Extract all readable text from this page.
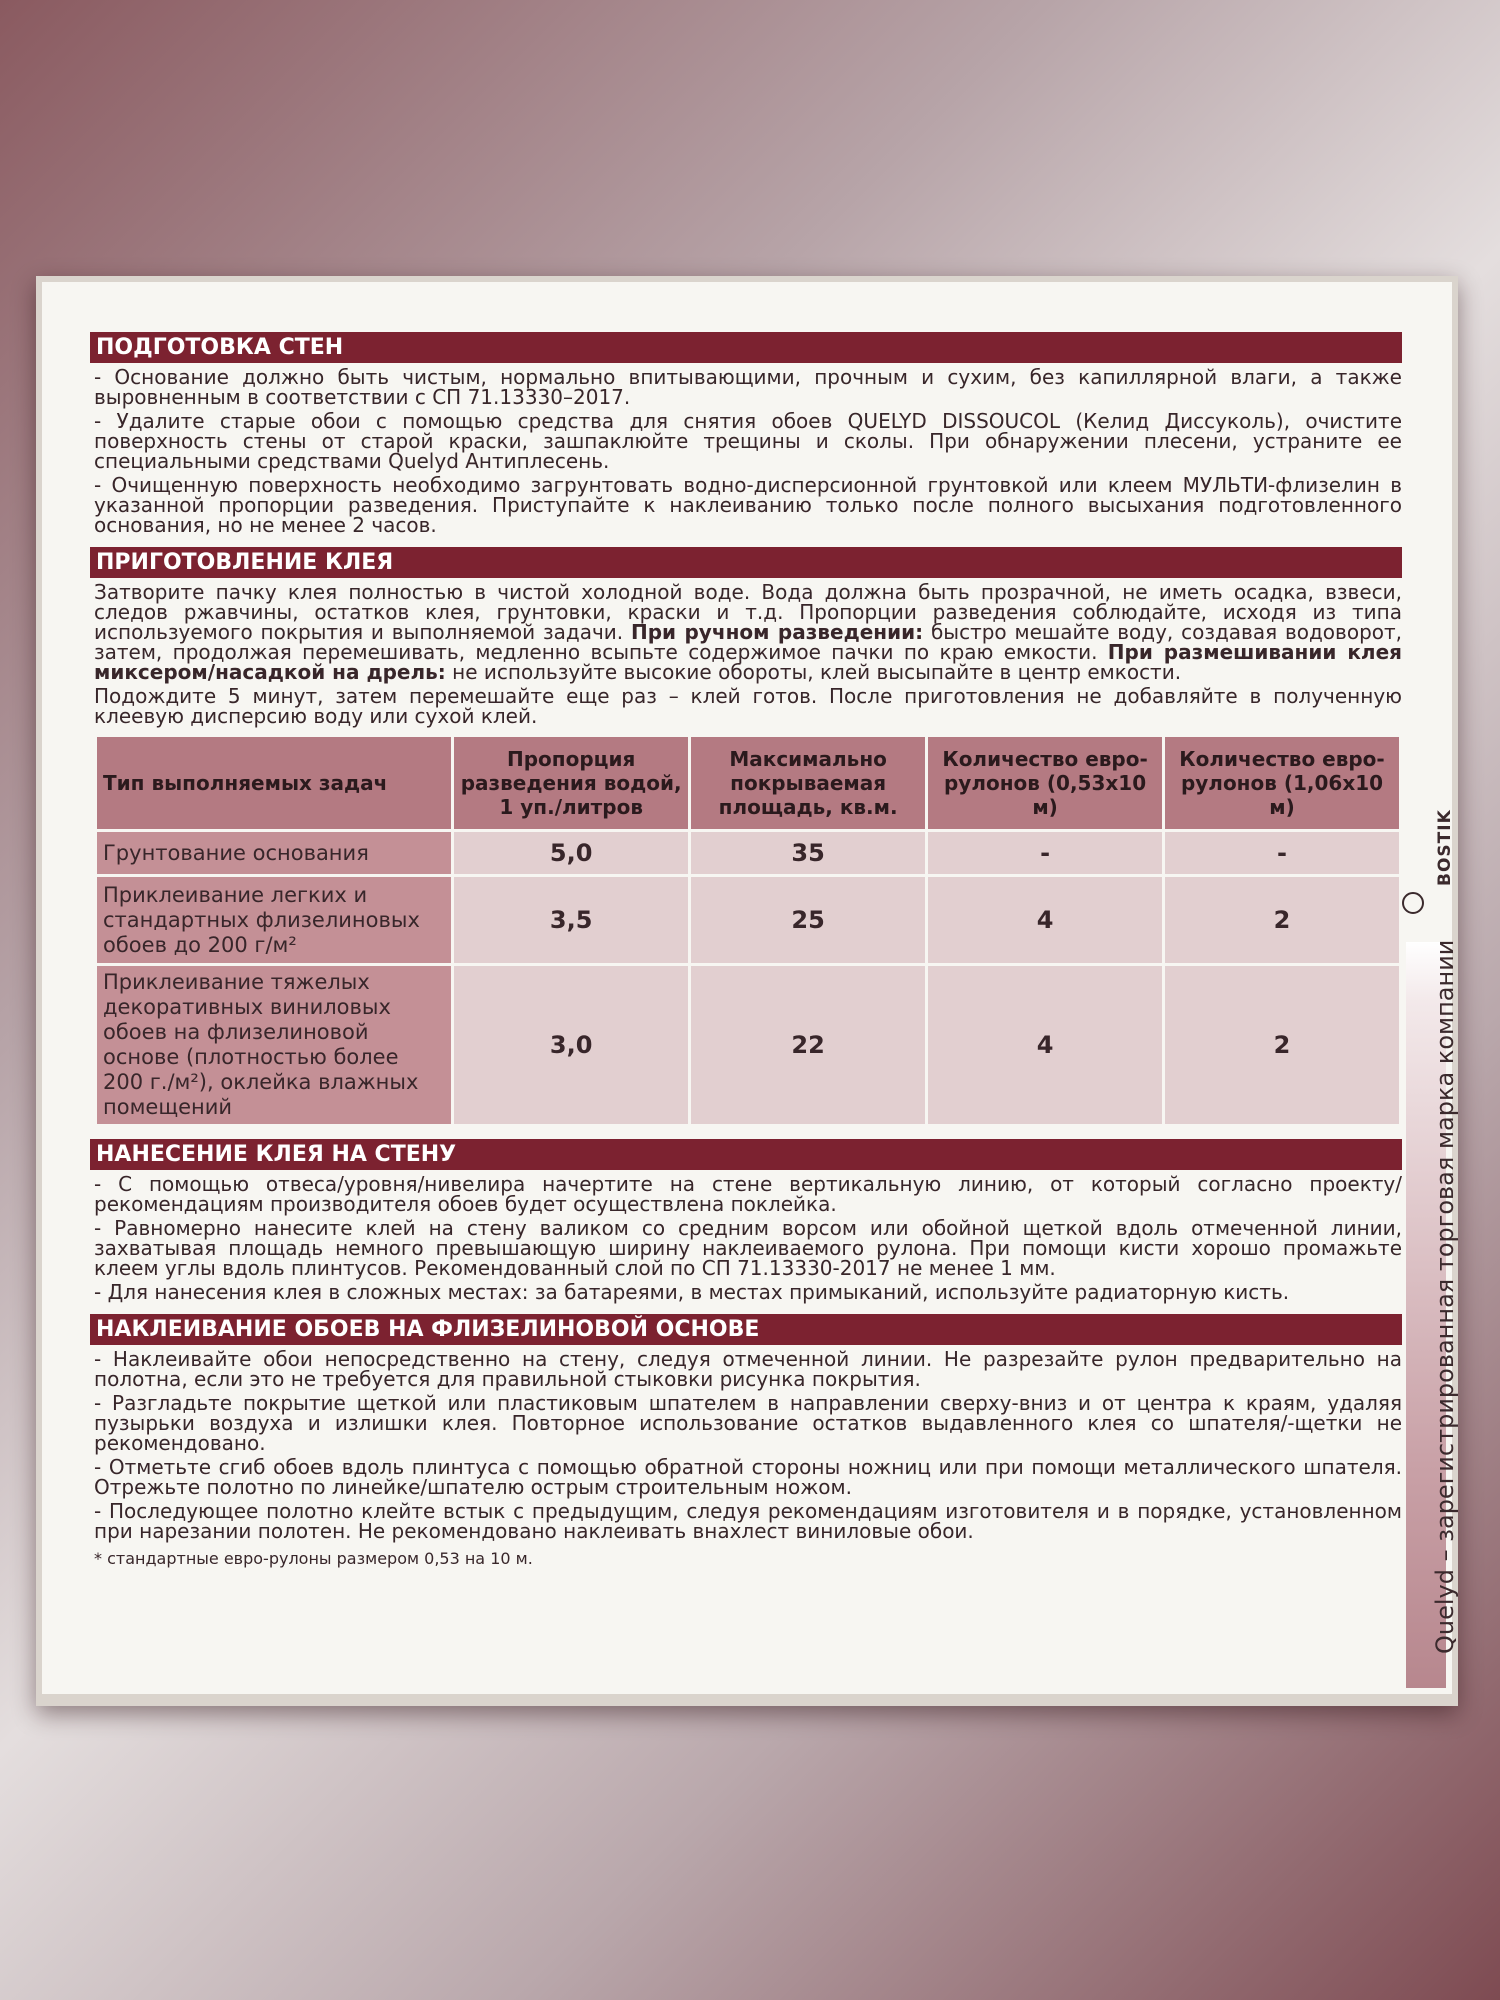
ПОДГОТОВКА СТЕН

- Основание должно быть чистым, нормально впитывающими, прочным и сухим, без капиллярной влаги, а также выровненным в соответствии с СП 71.13330–2017.

- Удалите старые обои с помощью средства для снятия обоев QUELYD DISSOUCOL (Келид Диссуколь), очистите поверхность стены от старой краски, зашпаклюйте трещины и сколы. При обнаружении плесени, устраните ее специальными средствами Quelyd Антиплесень.

- Очищенную поверхность необходимо загрунтовать водно-дисперсионной грунтовкой или клеем МУЛЬТИ-флизелин в указанной пропорции разведения. Приступайте к наклеиванию только после полного высыхания подготовленного основания, но не менее 2 часов.

ПРИГОТОВЛЕНИЕ КЛЕЯ

Затворите пачку клея полностью в чистой холодной воде. Вода должна быть прозрачной, не иметь осадка, взвеси, следов ржавчины, остатков клея, грунтовки, краски и т.д. Пропорции разведения соблюдайте, исходя из типа используемого покрытия и выполняемой задачи. При ручном разведении: быстро мешайте воду, создавая водоворот, затем, продолжая перемешивать, медленно всыпьте содержимое пачки по краю емкости. При размешивании клея миксером/насадкой на дрель: не используйте высокие обороты, клей высыпайте в центр емкости.

Подождите 5 минут, затем перемешайте еще раз – клей готов. После приготовления не добавляйте в полученную клеевую дисперсию воду или сухой клей.

Тип выполняемых задач	Пропорция разведения водой, 1 уп./литров	Максимально покрываемая площадь, кв.м.	Количество евро-рулонов (0,53х10 м)	Количество евро-рулонов (1,06х10 м)
Грунтование основания	5,0	35	-	-
Приклеивание легких и стандартных флизелиновых обоев до 200 г/м²	3,5	25	4	2
Приклеивание тяжелых декоративных виниловых обоев на флизелиновой основе (плотностью более 200 г./м²), оклейка влажных помещений	3,0	22	4	2
НАНЕСЕНИЕ КЛЕЯ НА СТЕНУ

- С помощью отвеса/уровня/нивелира начертите на стене вертикальную линию, от который согласно проекту/рекомендациям производителя обоев будет осуществлена поклейка.

- Равномерно нанесите клей на стену валиком со средним ворсом или обойной щеткой вдоль отмеченной линии, захватывая площадь немного превышающую ширину наклеиваемого рулона. При помощи кисти хорошо промажьте клеем углы вдоль плинтусов. Рекомендованный слой по СП 71.13330-2017 не менее 1 мм.

- Для нанесения клея в сложных местах: за батареями, в местах примыканий, используйте радиаторную кисть.

НАКЛЕИВАНИЕ ОБОЕВ НА ФЛИЗЕЛИНОВОЙ ОСНОВЕ

- Наклеивайте обои непосредственно на стену, следуя отмеченной линии. Не разрезайте рулон предварительно на полотна, если это не требуется для правильной стыковки рисунка покрытия.

- Разгладьте покрытие щеткой или пластиковым шпателем в направлении сверху-вниз и от центра к краям, удаляя пузырьки воздуха и излишки клея. Повторное использование остатков выдавленного клея со шпателя/-щетки не рекомендовано.

- Отметьте сгиб обоев вдоль плинтуса с помощью обратной стороны ножниц или при помощи металлического шпателя. Отрежьте полотно по линейке/шпателю острым строительным ножом.

- Последующее полотно клейте встык с предыдущим, следуя рекомендациям изготовителя и в порядке, установленном при нарезании полотен. Не рекомендовано наклеивать внахлест виниловые обои.

* стандартные евро-рулоны размером 0,53 на 10 м.	Quelyd – зарегистрированная торговая марка компании
BOSTIK
